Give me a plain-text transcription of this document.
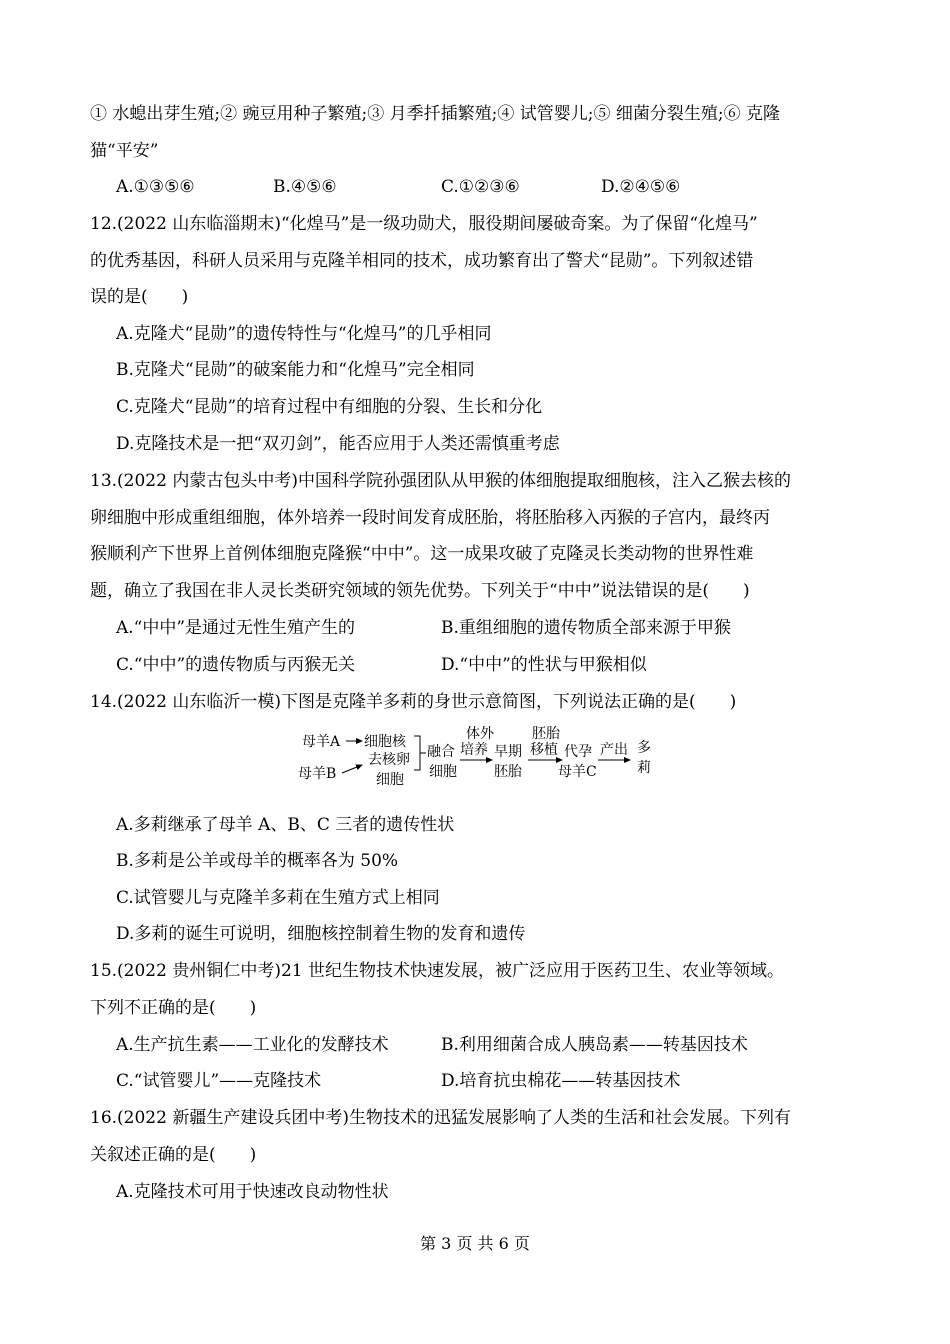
① 水螅出芽生殖;② 豌豆用种子繁殖;③ 月季扦插繁殖;④ 试管婴儿;⑤ 细菌分裂生殖;⑥ 克隆
猫“平安”
A.①③⑤⑥	B.④⑤⑥	C.①②③⑥	D.②④⑤⑥
12.(2022 山东临淄期末)“化煌马”是一级功勋犬，服役期间屡破奇案。为了保留“化煌马”
的优秀基因，科研人员采用与克隆羊相同的技术，成功繁育出了警犬“昆勋”。下列叙述错
误的是(　　)
A.克隆犬“昆勋”的遗传特性与“化煌马”的几乎相同
B.克隆犬“昆勋”的破案能力和“化煌马”完全相同
C.克隆犬“昆勋”的培育过程中有细胞的分裂、生长和分化
D.克隆技术是一把“双刃剑”，能否应用于人类还需慎重考虑
13.(2022 内蒙古包头中考)中国科学院孙强团队从甲猴的体细胞提取细胞核，注入乙猴去核的
卵细胞中形成重组细胞，体外培养一段时间发育成胚胎，将胚胎移入丙猴的子宫内，最终丙
猴顺利产下世界上首例体细胞克隆猴“中中”。这一成果攻破了克隆灵长类动物的世界性难
题，确立了我国在非人灵长类研究领域的领先优势。下列关于“中中”说法错误的是(　　)
A.“中中”是通过无性生殖产生的	B.重组细胞的遗传物质全部来源于甲猴
C.“中中”的遗传物质与丙猴无关	D.“中中”的性状与甲猴相似
14.(2022 山东临沂一模)下图是克隆羊多莉的身世示意简图，下列说法正确的是(　　)
母羊A 细胞核
母羊B
去核卵
细胞
融合
细胞
体外
培养 早期
胚胎
胚胎
移植 代孕
母羊C
产出 多
莉
A.多莉继承了母羊 A、B、C 三者的遗传性状
B.多莉是公羊或母羊的概率各为 50%
C.试管婴儿与克隆羊多莉在生殖方式上相同
D.多莉的诞生可说明，细胞核控制着生物的发育和遗传
15.(2022 贵州铜仁中考)21 世纪生物技术快速发展，被广泛应用于医药卫生、农业等领域。
下列不正确的是(　　)
A.生产抗生素——工业化的发酵技术	B.利用细菌合成人胰岛素——转基因技术
C.“试管婴儿”——克隆技术	D.培育抗虫棉花——转基因技术
16.(2022 新疆生产建设兵团中考)生物技术的迅猛发展影响了人类的生活和社会发展。下列有
关叙述正确的是(　　)
A.克隆技术可用于快速改良动物性状
第 3 页 共 6 页
